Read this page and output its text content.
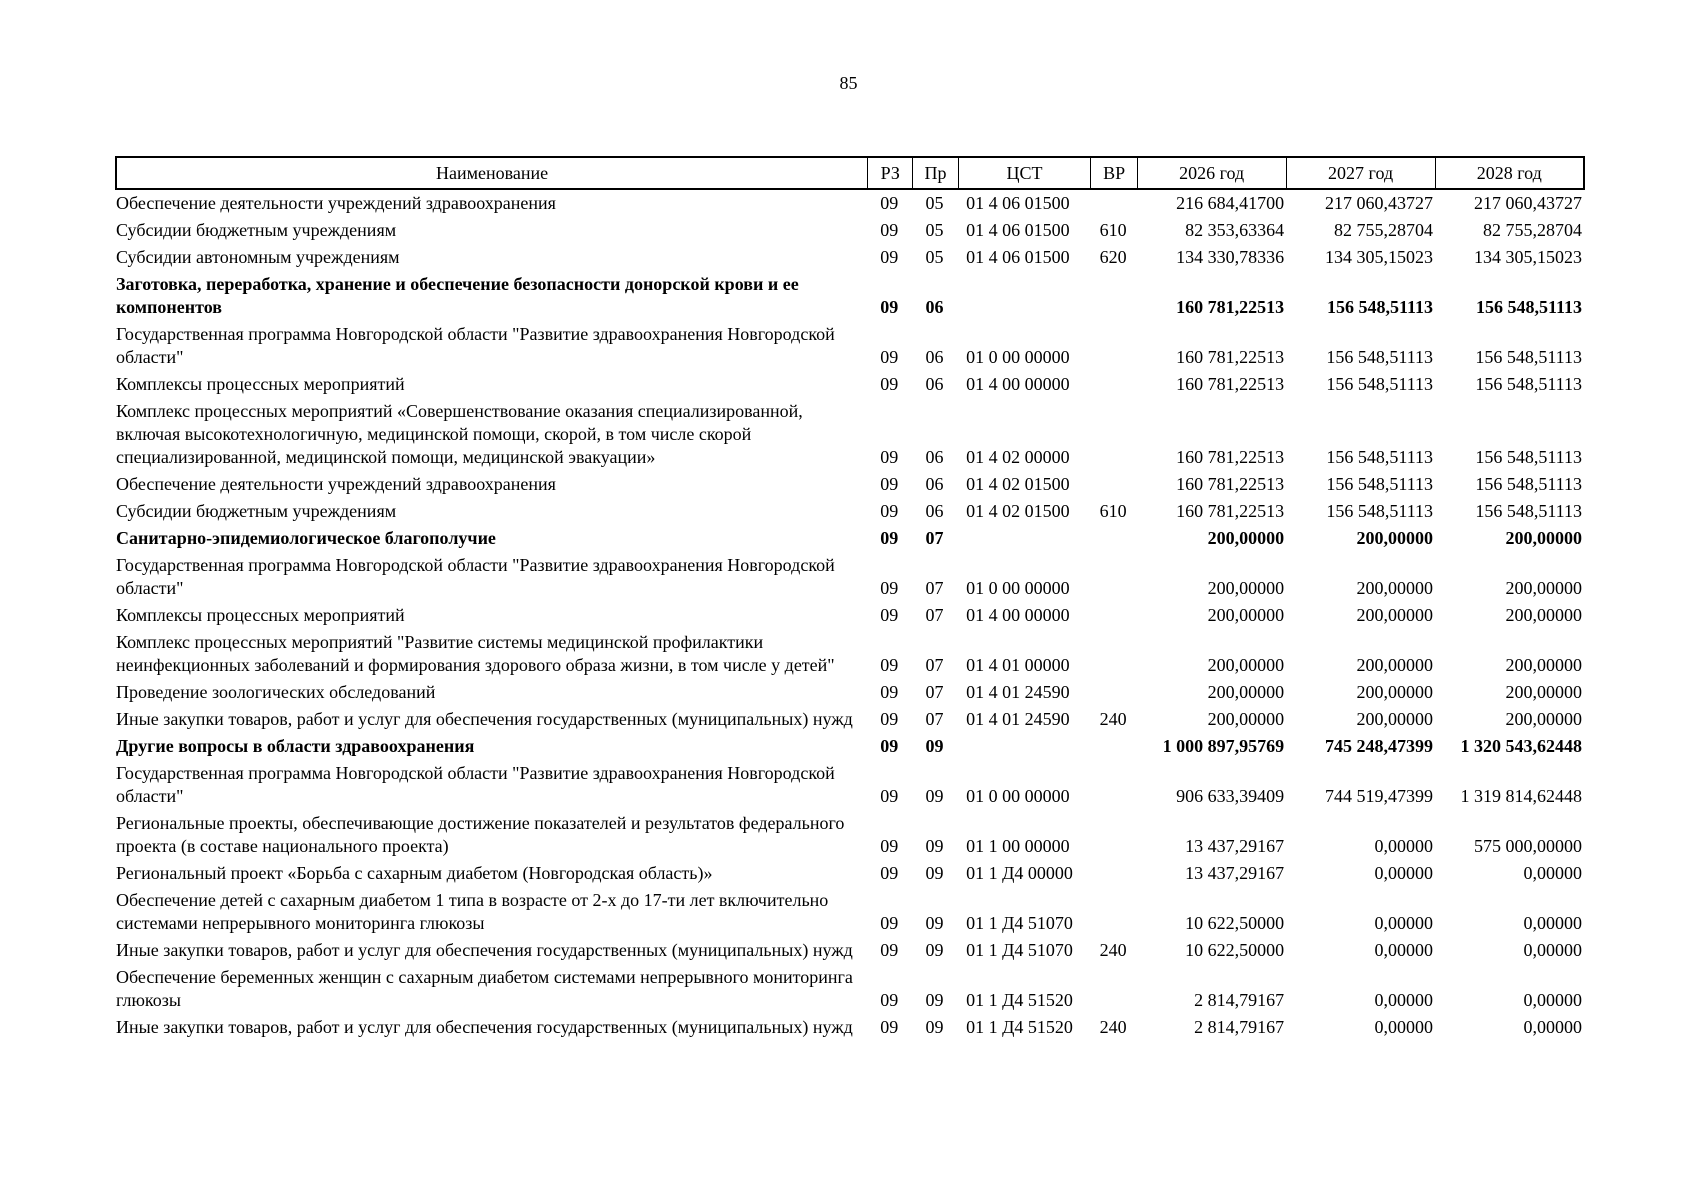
85
Наименование	РЗ	Пр	ЦСТ	ВР	2026 год	2027 год	2028 год
Обеспечение деятельности учреждений здравоохранения	09	05	01 4 06 01500		216 684,41700	217 060,43727	217 060,43727
Субсидии бюджетным учреждениям	09	05	01 4 06 01500	610	82 353,63364	82 755,28704	82 755,28704
Субсидии автономным учреждениям	09	05	01 4 06 01500	620	134 330,78336	134 305,15023	134 305,15023
Заготовка, переработка, хранение и обеспечение безопасности донорской крови и ее компонентов	09	06			160 781,22513	156 548,51113	156 548,51113
Государственная программа Новгородской области "Развитие здравоохранения Новгородской области"	09	06	01 0 00 00000		160 781,22513	156 548,51113	156 548,51113
Комплексы процессных мероприятий	09	06	01 4 00 00000		160 781,22513	156 548,51113	156 548,51113
Комплекс процессных мероприятий «Совершенствование оказания специализированной, включая высокотехнологичную, медицинской помощи, скорой, в том числе скорой специализированной, медицинской помощи, медицинской эвакуации»	09	06	01 4 02 00000		160 781,22513	156 548,51113	156 548,51113
Обеспечение деятельности учреждений здравоохранения	09	06	01 4 02 01500		160 781,22513	156 548,51113	156 548,51113
Субсидии бюджетным учреждениям	09	06	01 4 02 01500	610	160 781,22513	156 548,51113	156 548,51113
Санитарно-эпидемиологическое благополучие	09	07			200,00000	200,00000	200,00000
Государственная программа Новгородской области "Развитие здравоохранения Новгородской области"	09	07	01 0 00 00000		200,00000	200,00000	200,00000
Комплексы процессных мероприятий	09	07	01 4 00 00000		200,00000	200,00000	200,00000
Комплекс процессных мероприятий "Развитие системы медицинской профилактики неинфекционных заболеваний и формирования здорового образа жизни, в том числе у детей"	09	07	01 4 01 00000		200,00000	200,00000	200,00000
Проведение зоологических обследований	09	07	01 4 01 24590		200,00000	200,00000	200,00000
Иные закупки товаров, работ и услуг для обеспечения государственных (муниципальных) нужд	09	07	01 4 01 24590	240	200,00000	200,00000	200,00000
Другие вопросы в области здравоохранения	09	09			1 000 897,95769	745 248,47399	1 320 543,62448
Государственная программа Новгородской области "Развитие здравоохранения Новгородской области"	09	09	01 0 00 00000		906 633,39409	744 519,47399	1 319 814,62448
Региональные проекты, обеспечивающие достижение показателей и результатов федерального проекта (в составе национального проекта)	09	09	01 1 00 00000		13 437,29167	0,00000	575 000,00000
Региональный проект «Борьба с сахарным диабетом (Новгородская область)»	09	09	01 1 Д4 00000		13 437,29167	0,00000	0,00000
Обеспечение детей с сахарным диабетом 1 типа в возрасте от 2-х до 17-ти лет включительно системами непрерывного мониторинга глюкозы	09	09	01 1 Д4 51070		10 622,50000	0,00000	0,00000
Иные закупки товаров, работ и услуг для обеспечения государственных (муниципальных) нужд	09	09	01 1 Д4 51070	240	10 622,50000	0,00000	0,00000
Обеспечение беременных женщин с сахарным диабетом системами непрерывного мониторинга глюкозы	09	09	01 1 Д4 51520		2 814,79167	0,00000	0,00000
Иные закупки товаров, работ и услуг для обеспечения государственных (муниципальных) нужд	09	09	01 1 Д4 51520	240	2 814,79167	0,00000	0,00000
